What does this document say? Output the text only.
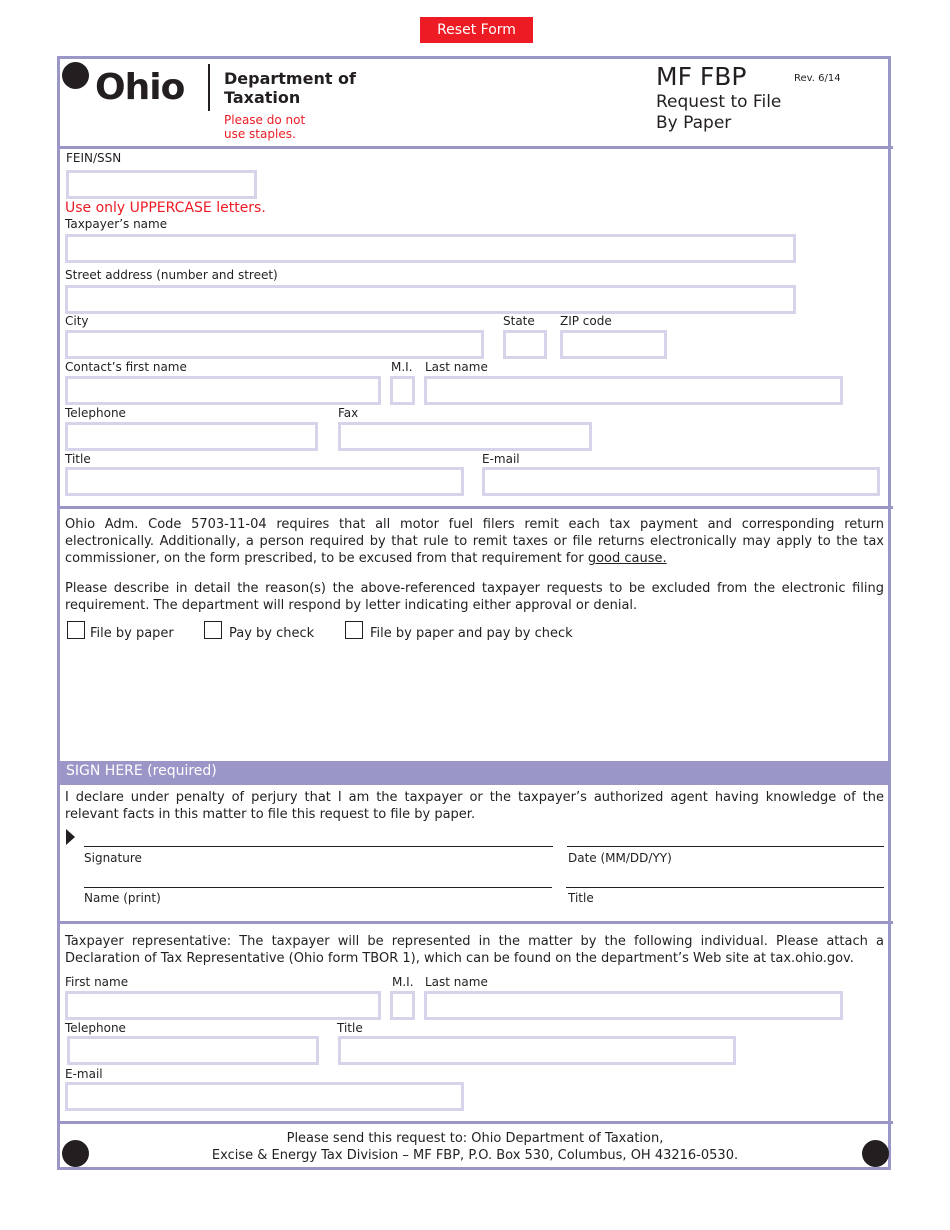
Reset Form
Ohio Department of
Taxation
Please do not
use staples.
MF FBP	Rev. 6/14
Request to File
By Paper
FEIN/SSN
Use only UPPERCASE letters.
Taxpayer’s name
Street address (number and street)
City	State ZIP code
Contact’s first name	M.I. Last name
Telephone	Fax
Title	E-mail
Ohio Adm. Code 5703-11-04 requires that all motor fuel filers remit each tax payment and corresponding return electronically. Additionally, a person required by that rule to remit taxes or file returns electronically may apply to the tax commissioner, on the form prescribed, to be excused from that requirement for good cause.
Please describe in detail the reason(s) the above-referenced taxpayer requests to be excluded from the electronic filing requirement. The department will respond by letter indicating either approval or denial.
File by paper	Pay by check	File by paper and pay by check
SIGN HERE (required)
I declare under penalty of perjury that I am the taxpayer or the taxpayer’s authorized agent having knowledge of the relevant facts in this matter to file this request to file by paper.
Signature	Date (MM/DD/YY)
Name (print)	Title
Taxpayer representative: The taxpayer will be represented in the matter by the following individual. Please attach a Declaration of Tax Representative (Ohio form TBOR 1), which can be found on the department’s Web site at tax.ohio.gov.
First name	M.I. Last name
Telephone	Title
E-mail
Please send this request to: Ohio Department of Taxation,
Excise & Energy Tax Division – MF FBP, P.O. Box 530, Columbus, OH 43216-0530.
